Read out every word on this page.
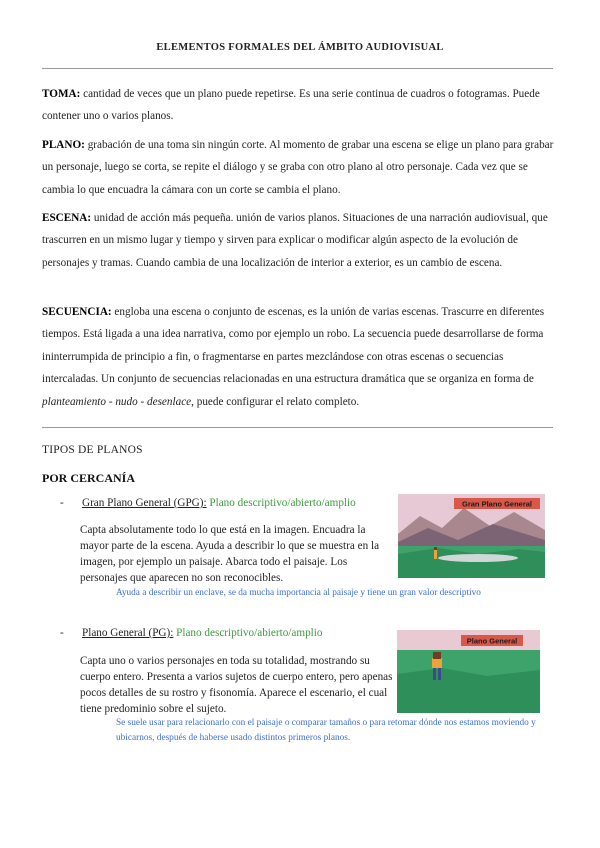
ELEMENTOS FORMALES DEL ÁMBITO AUDIOVISUAL
TOMA: cantidad de veces que un plano puede repetirse. Es una serie continua de cuadros o fotogramas. Puede contener uno o varios planos.
PLANO: grabación de una toma sin ningún corte. Al momento de grabar una escena se elige un plano para grabar un personaje, luego se corta, se repite el diálogo y se graba con otro plano al otro personaje. Cada vez que se cambia lo que encuadra la cámara con un corte se cambia el plano.
ESCENA: unidad de acción más pequeña. unión de varios planos. Situaciones de una narración audiovisual, que trascurren en un mismo lugar y tiempo y sirven para explicar o modificar algún aspecto de la evolución de personajes y tramas. Cuando cambia de una localización de interior a exterior, es un cambio de escena.
SECUENCIA: engloba una escena o conjunto de escenas, es la unión de varias escenas. Trascurre en diferentes tiempos. Está ligada a una idea narrativa, como por ejemplo un robo. La secuencia puede desarrollarse de forma ininterrumpida de principio a fin, o fragmentarse en partes mezclándose con otras escenas o secuencias intercaladas. Un conjunto de secuencias relacionadas en una estructura dramática que se organiza en forma de planteamiento - nudo - desenlace, puede configurar el relato completo.
TIPOS DE PLANOS
POR CERCANÍA
- Gran Plano General (GPG): Plano descriptivo/abierto/amplio
Capta absolutamente todo lo que está en la imagen. Encuadra la mayor parte de la escena. Ayuda a describir lo que se muestra en la imagen, por ejemplo un paisaje. Abarca todo el paisaje. Los personajes que aparecen no son reconocibles.
Ayuda a describir un enclave, se da mucha importancia al paisaje y tiene un gran valor descriptivo
Gran Plano General
- Plano General (PG): Plano descriptivo/abierto/amplio
Capta uno o varios personajes en toda su totalidad, mostrando su cuerpo entero. Presenta a varios sujetos de cuerpo entero, pero apenas pocos detalles de su rostro y fisonomía. Aparece el escenario, el cual tiene predominio sobre el sujeto.
Se suele usar para relacionarlo con el paisaje o comparar tamaños o para retomar dónde nos estamos moviendo y ubicarnos, después de haberse usado distintos primeros planos.
Plano General
